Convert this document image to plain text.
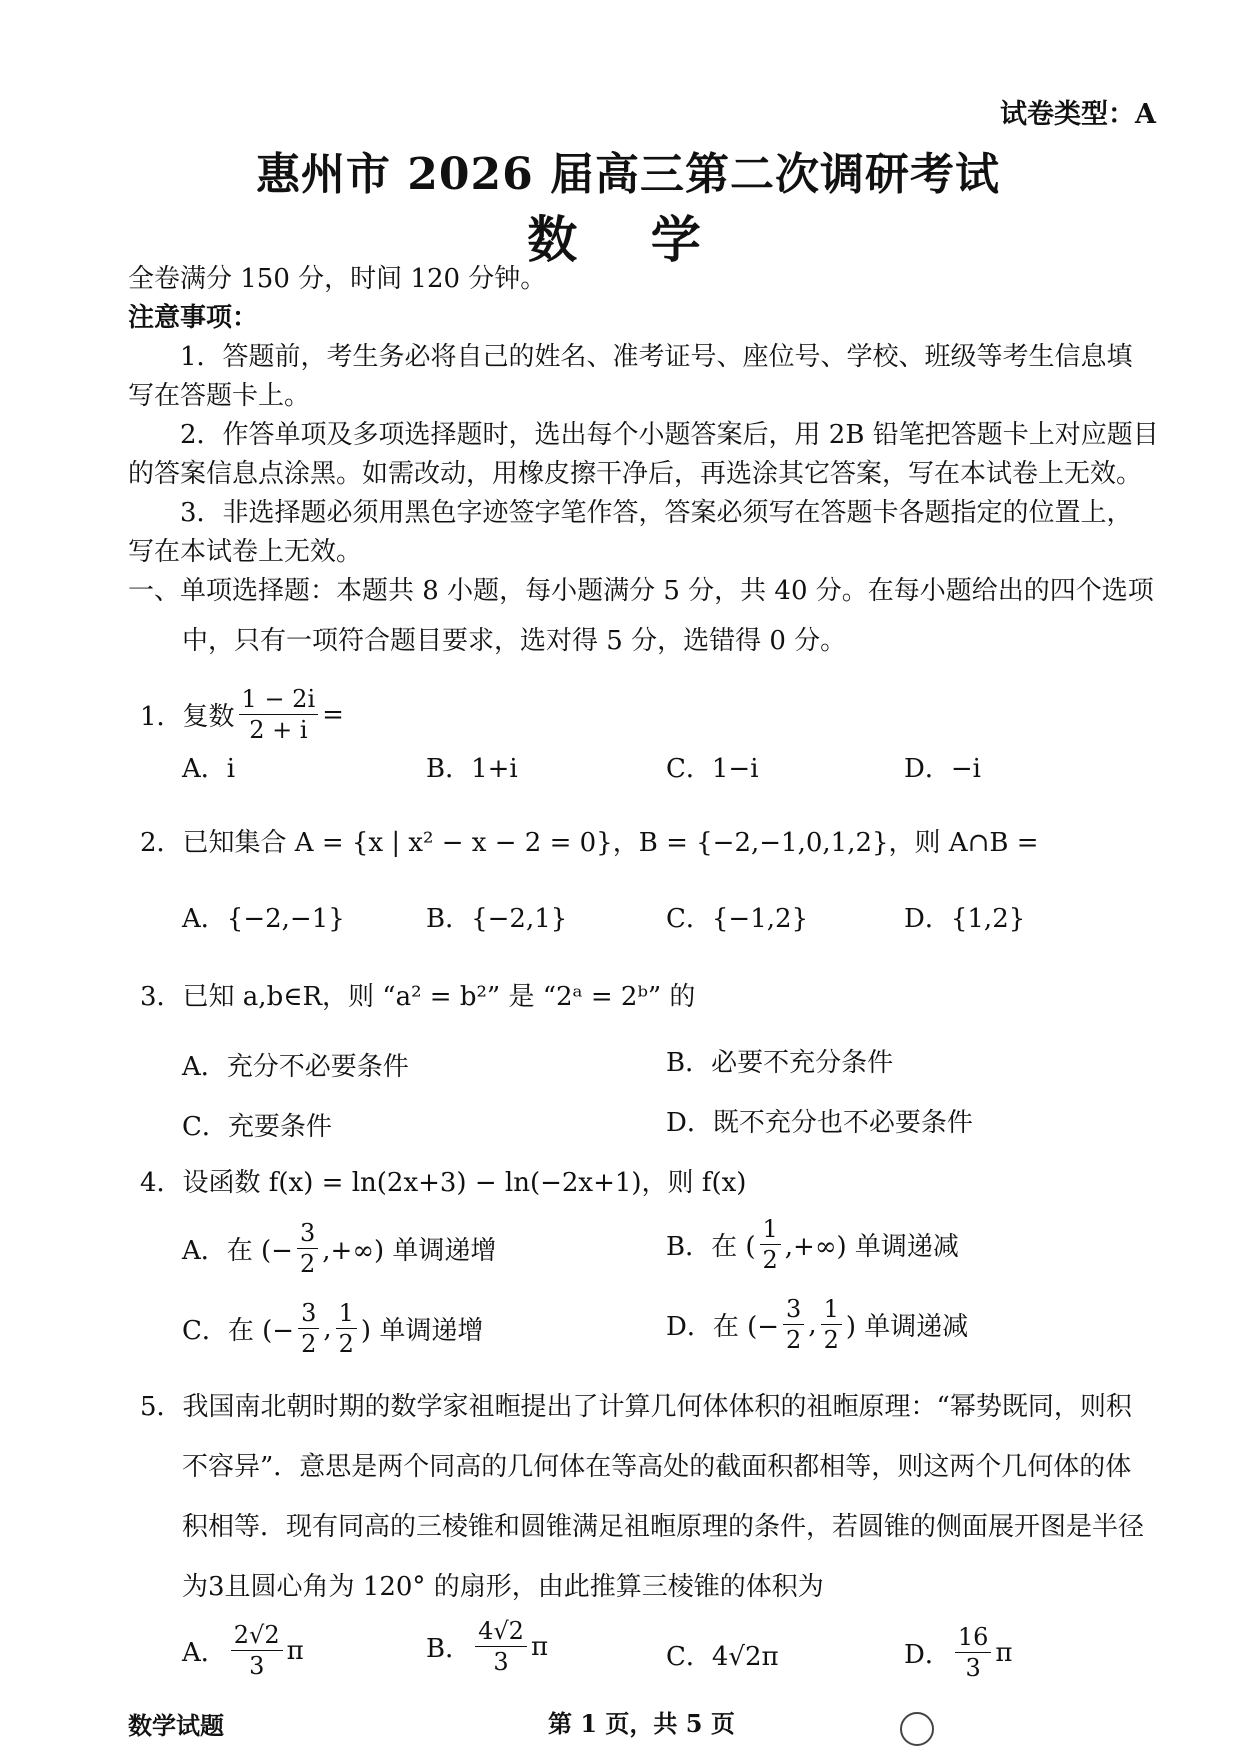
试卷类型：A
惠州市 2026 届高三第二次调研考试
数 学
全卷满分 150 分，时间 120 分钟。
注意事项：
1．答题前，考生务必将自己的姓名、准考证号、座位号、学校、班级等考生信息填
写在答题卡上。
2．作答单项及多项选择题时，选出每个小题答案后，用 2B 铅笔把答题卡上对应题目
的答案信息点涂黑。如需改动，用橡皮擦干净后，再选涂其它答案，写在本试卷上无效。
3．非选择题必须用黑色字迹签字笔作答，答案必须写在答题卡各题指定的位置上，
写在本试卷上无效。
一、单项选择题：本题共 8 小题，每小题满分 5 分，共 40 分。在每小题给出的四个选项
中，只有一项符合题目要求，选对得 5 分，选错得 0 分。
1．复数 $\frac{1 - 2i}{2 + i}$ =
A．i	B．1+i	C．1−i	D．−i
2．已知集合 A = {x | x² − x − 2 = 0}，B = {−2,−1,0,1,2}，则 A∩B =
A．{−2,−1}	B．{−2,1}	C．{−1,2}	D．{1,2}
3．已知 a,b∈R，则 “a² = b²” 是 “2ᵃ = 2ᵇ” 的
A．充分不必要条件	B．必要不充分条件
C．充要条件	D．既不充分也不必要条件
4．设函数 f(x) = ln(2x+3) − ln(−2x+1)，则 f(x)
A．在 (− $\frac{3}{2}$ ,+∞) 单调递增	B．在 ( $\frac{1}{2}$ ,+∞) 单调递减
C．在 (− $\frac{3}{2}$ , $\frac{1}{2}$ ) 单调递增	D．在 (− $\frac{3}{2}$ , $\frac{1}{2}$ ) 单调递减
5．我国南北朝时期的数学家祖暅提出了计算几何体体积的祖暅原理：“幂势既同，则积
不容异”．意思是两个同高的几何体在等高处的截面积都相等，则这两个几何体的体
积相等．现有同高的三棱锥和圆锥满足祖暅原理的条件，若圆锥的侧面展开图是半径
为3且圆心角为 120° 的扇形，由此推算三棱锥的体积为
A． $\frac{2√2}{3}$ π	B． $\frac{4√2}{3}$ π	C．4√2π	D． $\frac{16}{3}$ π
数学试题	第 1 页，共 5 页
